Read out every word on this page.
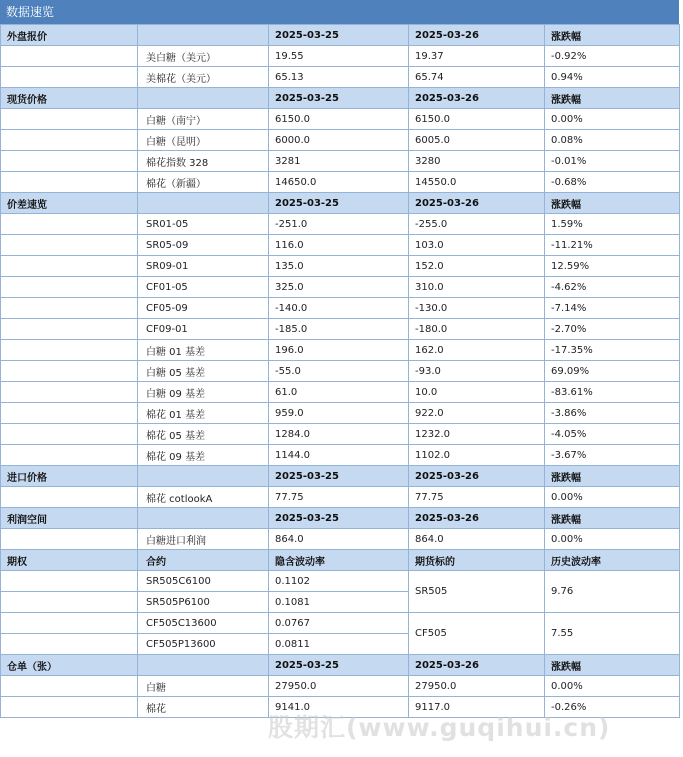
数据速览
外盘报价		2025-03-25	2025-03-26	涨跌幅
	美白糖（美元）	19.55	19.37	-0.92%
	美棉花（美元）	65.13	65.74	0.94%
现货价格		2025-03-25	2025-03-26	涨跌幅
	白糖（南宁）	6150.0	6150.0	0.00%
	白糖（昆明）	6000.0	6005.0	0.08%
	棉花指数 328	3281	3280	-0.01%
	棉花（新疆）	14650.0	14550.0	-0.68%
价差速览		2025-03-25	2025-03-26	涨跌幅
	SR01-05	-251.0	-255.0	1.59%
	SR05-09	116.0	103.0	-11.21%
	SR09-01	135.0	152.0	12.59%
	CF01-05	325.0	310.0	-4.62%
	CF05-09	-140.0	-130.0	-7.14%
	CF09-01	-185.0	-180.0	-2.70%
	白糖 01 基差	196.0	162.0	-17.35%
	白糖 05 基差	-55.0	-93.0	69.09%
	白糖 09 基差	61.0	10.0	-83.61%
	棉花 01 基差	959.0	922.0	-3.86%
	棉花 05 基差	1284.0	1232.0	-4.05%
	棉花 09 基差	1144.0	1102.0	-3.67%
进口价格		2025-03-25	2025-03-26	涨跌幅
	棉花 cotlookA	77.75	77.75	0.00%
利润空间		2025-03-25	2025-03-26	涨跌幅
	白糖进口利润	864.0	864.0	0.00%
期权	合约	隐含波动率	期货标的	历史波动率
	SR505C6100	0.1102	SR505	9.76
	SR505P6100	0.1081		
	CF505C13600	0.0767	CF505	7.55
	CF505P13600	0.0811		
仓单（张）		2025-03-25	2025-03-26	涨跌幅
	白糖	27950.0	27950.0	0.00%
	棉花	9141.0	9117.0	-0.26%
股期汇(www.guqihui.cn)
